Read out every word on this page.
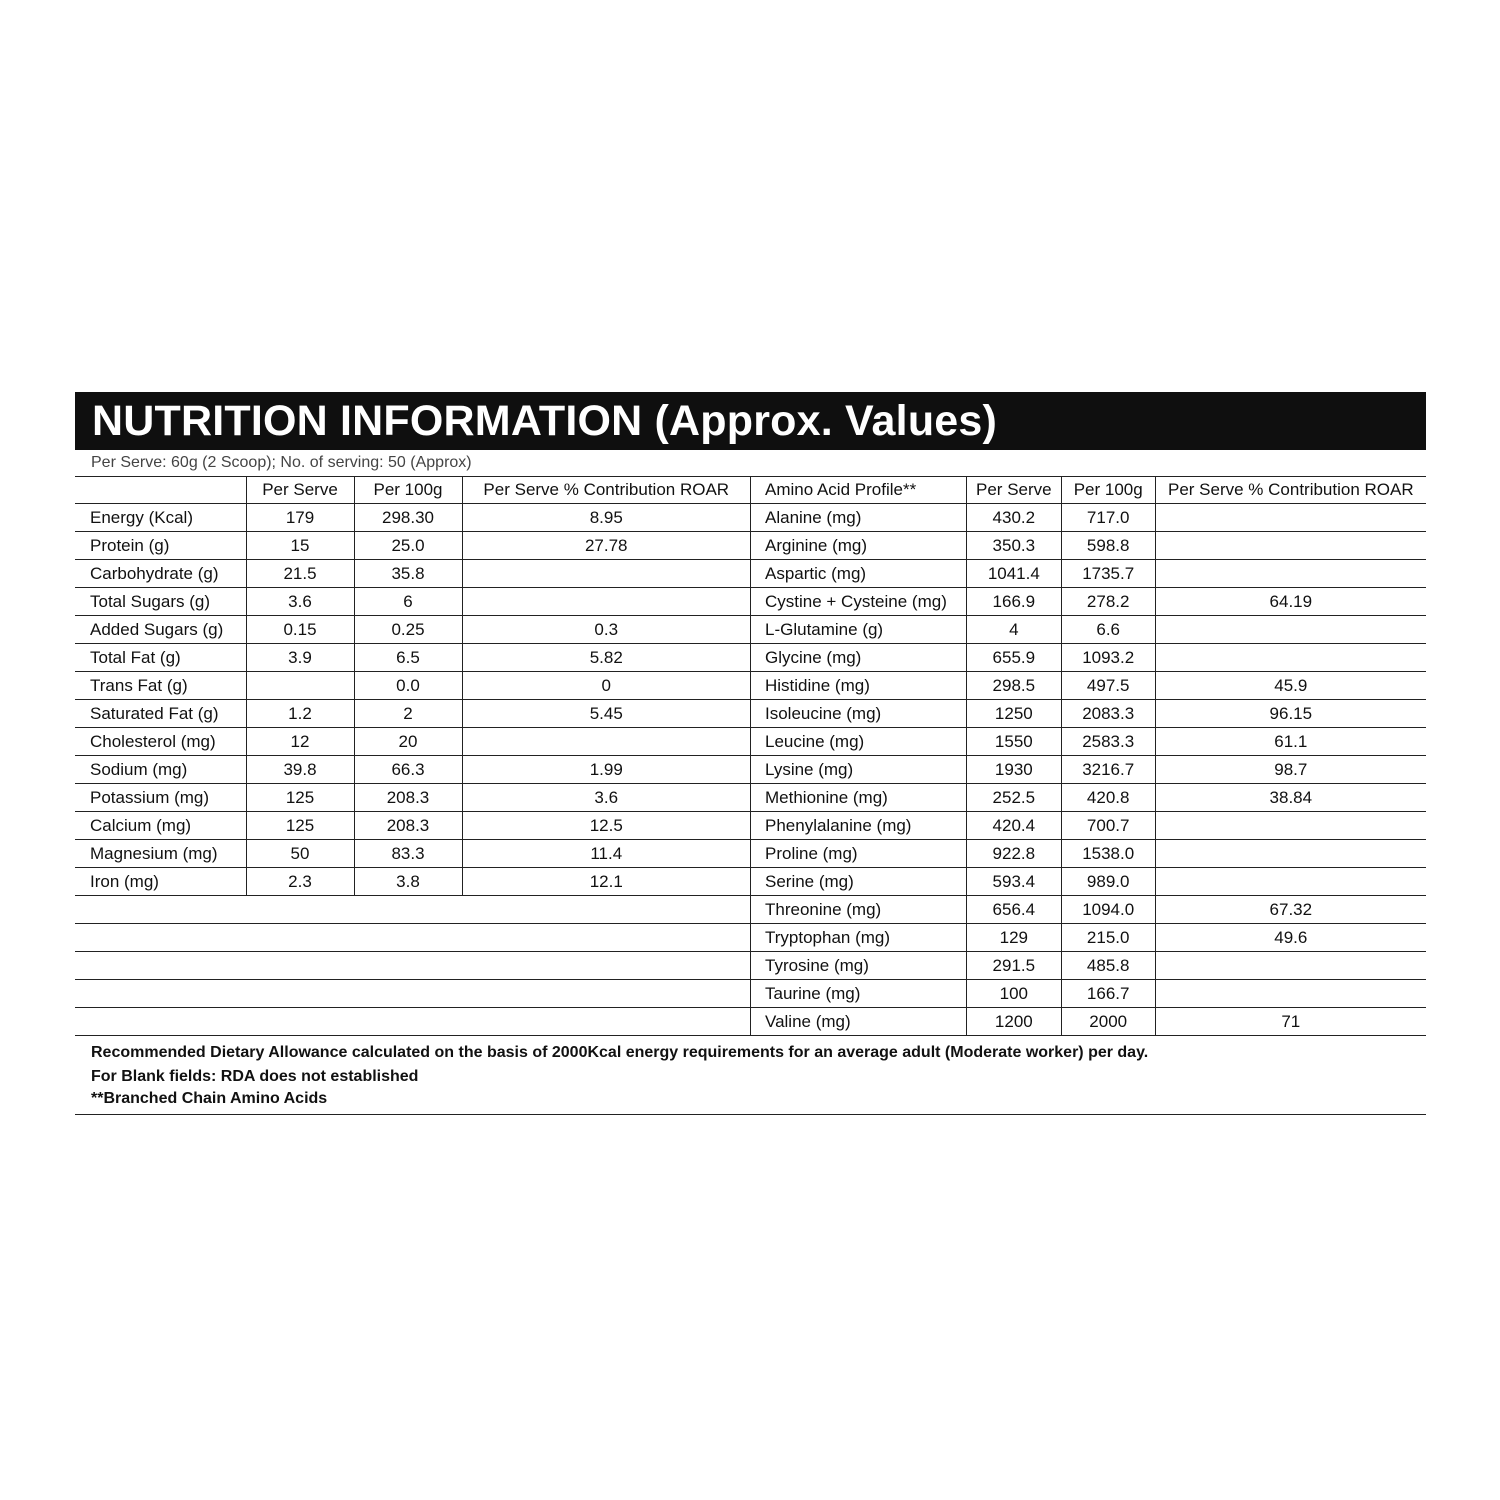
NUTRITION INFORMATION (Approx. Values)
Per Serve: 60g (2 Scoop); No. of serving: 50 (Approx)
	Per Serve	Per 100g	Per Serve % Contribution ROAR
Energy (Kcal)	179	298.30	8.95
Protein (g)	15	25.0	27.78
Carbohydrate (g)	21.5	35.8	
Total Sugars (g)	3.6	6	
Added Sugars (g)	0.15	0.25	0.3
Total Fat (g)	3.9	6.5	5.82
Trans Fat (g)		0.0	0
Saturated Fat (g)	1.2	2	5.45
Cholesterol (mg)	12	20	
Sodium (mg)	39.8	66.3	1.99
Potassium (mg)	125	208.3	3.6
Calcium (mg)	125	208.3	12.5
Magnesium (mg)	50	83.3	11.4
Iron (mg)	2.3	3.8	12.1

Amino Acid Profile**	Per Serve	Per 100g	Per Serve % Contribution ROAR
Alanine (mg)	430.2	717.0	
Arginine (mg)	350.3	598.8	
Aspartic (mg)	1041.4	1735.7	
Cystine + Cysteine (mg)	166.9	278.2	64.19
L-Glutamine (g)	4	6.6	
Glycine (mg)	655.9	1093.2	
Histidine (mg)	298.5	497.5	45.9
Isoleucine (mg)	1250	2083.3	96.15
Leucine (mg)	1550	2583.3	61.1
Lysine (mg)	1930	3216.7	98.7
Methionine (mg)	252.5	420.8	38.84
Phenylalanine (mg)	420.4	700.7	
Proline (mg)	922.8	1538.0	
Serine (mg)	593.4	989.0	
Threonine (mg)	656.4	1094.0	67.32
Tryptophan (mg)	129	215.0	49.6
Tyrosine (mg)	291.5	485.8	
Taurine (mg)	100	166.7	
Valine (mg)	1200	2000	71
Recommended Dietary Allowance calculated on the basis of 2000Kcal energy requirements for an average adult (Moderate worker) per day.
For Blank fields: RDA does not established
**Branched Chain Amino Acids
